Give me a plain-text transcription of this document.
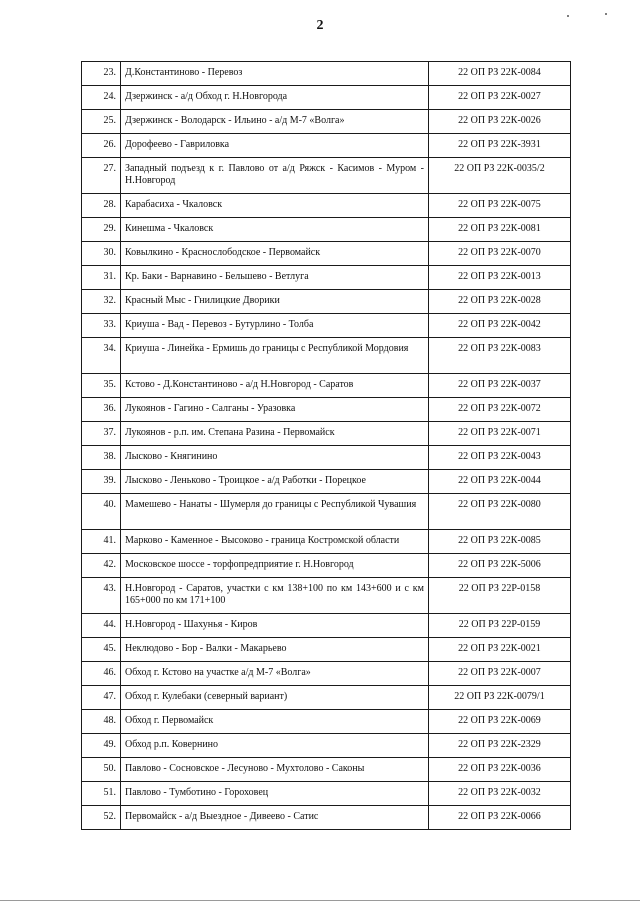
2
23.	Д.Константиново - Перевоз	22 ОП РЗ 22К-0084
24.	Дзержинск - а/д Обход г. Н.Новгорода	22 ОП РЗ 22К-0027
25.	Дзержинск - Володарск - Ильино - а/д М-7 «Волга»	22 ОП РЗ 22К-0026
26.	Дорофеево - Гавриловка	22 ОП РЗ 22К-3931
27.	Западный подъезд к г. Павлово от а/д Ряжск - Касимов - Муром - Н.Новгород	22 ОП РЗ 22К-0035/2
28.	Карабасиха - Чкаловск	22 ОП РЗ 22К-0075
29.	Кинешма - Чкаловск	22 ОП РЗ 22К-0081
30.	Ковылкино - Краснослободское - Первомайск	22 ОП РЗ 22К-0070
31.	Кр. Баки - Варнавино - Бельшево - Ветлуга	22 ОП РЗ 22К-0013
32.	Красный Мыс - Гнилицкие Дворики	22 ОП РЗ 22К-0028
33.	Криуша - Вад - Перевоз - Бутурлино - Толба	22 ОП РЗ 22К-0042
34.	Криуша - Линейка - Ермишь до границы с Республикой Мордовия	22 ОП РЗ 22К-0083
35.	Кстово - Д.Константиново - а/д Н.Новгород - Саратов	22 ОП РЗ 22К-0037
36.	Лукоянов - Гагино - Салганы - Уразовка	22 ОП РЗ 22К-0072
37.	Лукоянов - р.п. им. Степана Разина - Первомайск	22 ОП РЗ 22К-0071
38.	Лысково - Княгинино	22 ОП РЗ 22К-0043
39.	Лысково - Леньково - Троицкое - а/д Работки - Порецкое	22 ОП РЗ 22К-0044
40.	Мамешево - Нанаты - Шумерля до границы с Республикой Чувашия	22 ОП РЗ 22К-0080
41.	Марково - Каменное - Высоково - граница Костромской области	22 ОП РЗ 22К-0085
42.	Московское шоссе - торфопредприятие г. Н.Новгород	22 ОП РЗ 22К-5006
43.	Н.Новгород - Саратов, участки с км 138+100 по км 143+600 и с км 165+000 по км 171+100	22 ОП РЗ 22Р-0158
44.	Н.Новгород - Шахунья - Киров	22 ОП РЗ 22Р-0159
45.	Неклюдово - Бор - Валки - Макарьево	22 ОП РЗ 22К-0021
46.	Обход г. Кстово на участке а/д М-7 «Волга»	22 ОП РЗ 22К-0007
47.	Обход г. Кулебаки (северный вариант)	22 ОП РЗ 22К-0079/1
48.	Обход г. Первомайск	22 ОП РЗ 22К-0069
49.	Обход р.п. Ковернино	22 ОП РЗ 22К-2329
50.	Павлово - Сосновское - Лесуново - Мухтолово - Саконы	22 ОП РЗ 22К-0036
51.	Павлово - Тумботино - Гороховец	22 ОП РЗ 22К-0032
52.	Первомайск - а/д Выездное - Дивеево - Сатис	22 ОП РЗ 22К-0066
